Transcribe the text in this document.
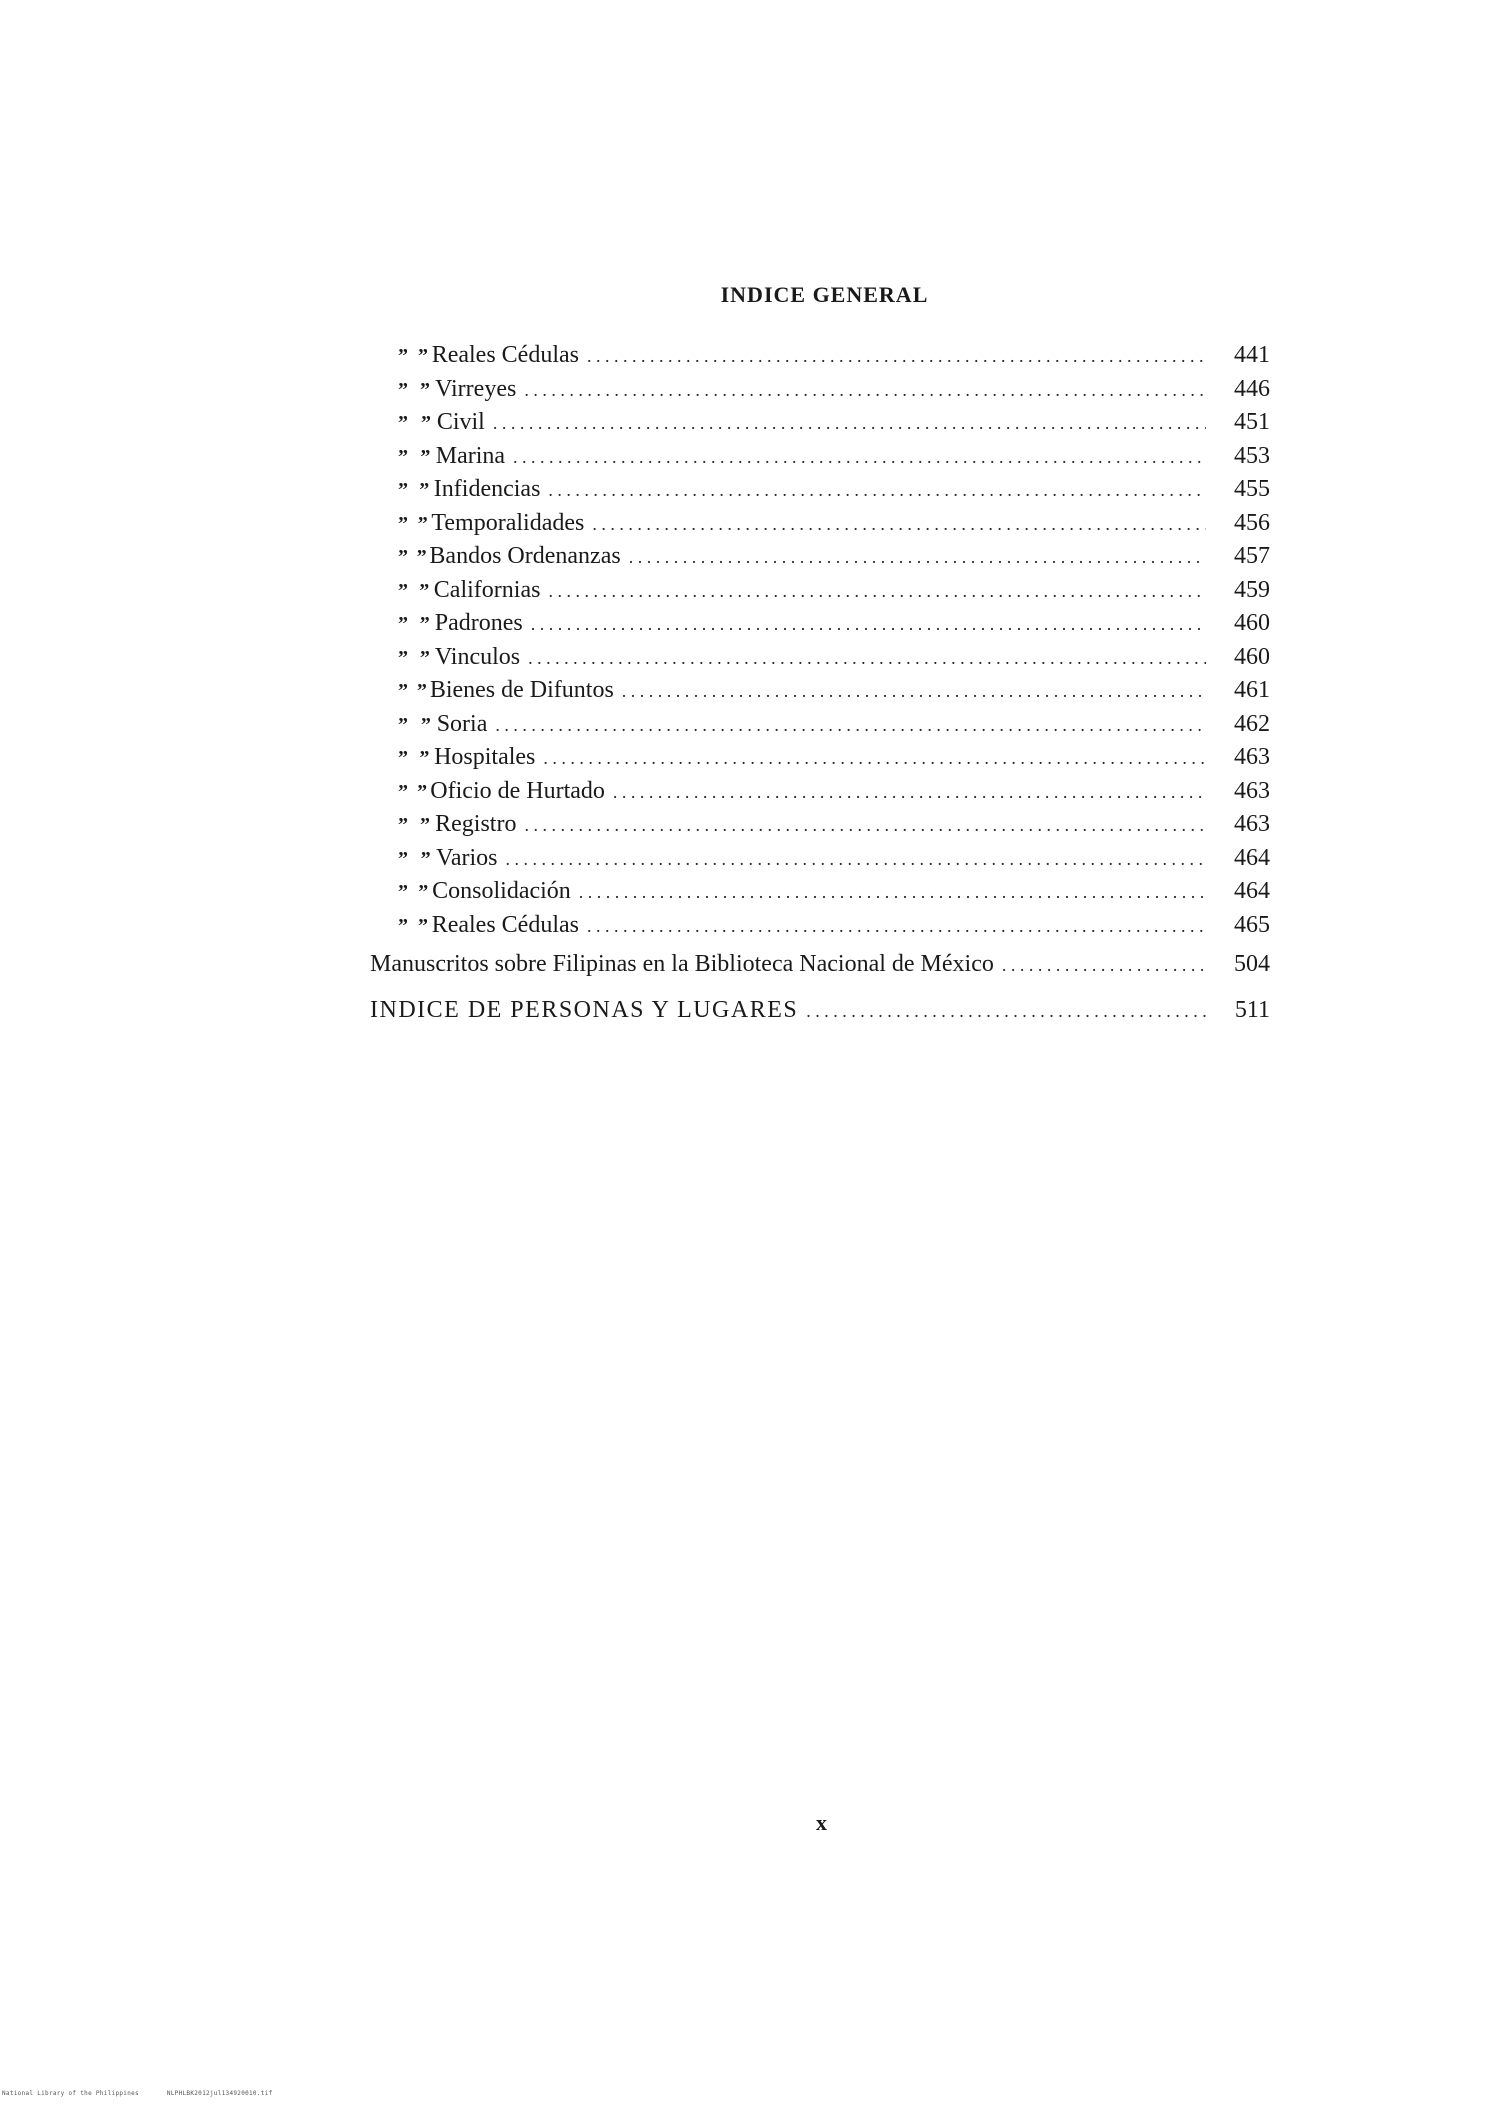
INDICE GENERAL
” ” Reales Cédulas .....	441
” ” Virreyes .....	446
” ” Civil .....	451
” ” Marina .....	453
” ” Infidencias .....	455
” ” Temporalidades .....	456
” ” Bandos Ordenanzas .....	457
” ” Californias .....	459
” ” Padrones .....	460
” ” Vinculos .....	460
” ” Bienes de Difuntos .....	461
” ” Soria .....	462
” ” Hospitales .....	463
” ” Oficio de Hurtado .....	463
” ” Registro .....	463
” ” Varios .....	464
” ” Consolidación .....	464
” ” Reales Cédulas .....	465
Manuscritos sobre Filipinas en la Biblioteca Nacional de México .....	504
INDICE DE PERSONAS Y LUGARES .....	511
x
National Library of the Philippines	NLPHLBK2012jul134920010.tif
